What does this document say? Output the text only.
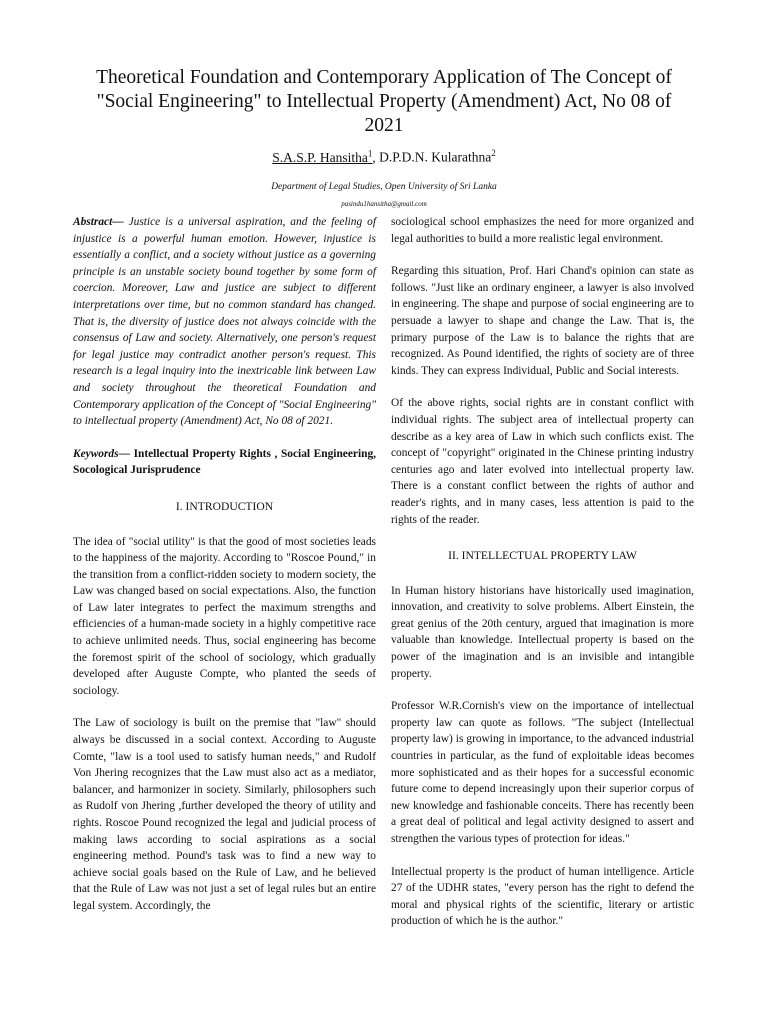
Theoretical Foundation and Contemporary Application of The Concept of "Social Engineering" to Intellectual Property (Amendment) Act, No 08 of 2021
S.A.S.P. Hansitha$^1$, D.P.D.N. Kularathna$^2$
Department of Legal Studies, Open University of Sri Lanka
pasindu1hansitha@gmail.com

Abstract— Justice is a universal aspiration, and the feeling of injustice is a powerful human emotion. However, injustice is essentially a conflict, and a society without justice as a governing principle is an unstable society bound together by some form of coercion. Moreover, Law and justice are subject to different interpretations over time, but no common standard has changed. That is, the diversity of justice does not always coincide with the consensus of Law and society. Alternatively, one person's request for legal justice may contradict another person's request. This research is a legal inquiry into the inextricable link between Law and society throughout the theoretical Foundation and Contemporary application of the Concept of "Social Engineering" to intellectual property (Amendment) Act, No 08 of 2021.

Keywords— Intellectual Property Rights , Social Engineering, Socological Jurisprudence

I. INTRODUCTION

The idea of "social utility" is that the good of most societies leads to the happiness of the majority. According to "Roscoe Pound," in the transition from a conflict-ridden society to modern society, the Law was changed based on social expectations. Also, the function of Law later integrates to perfect the maximum strengths and efficiencies of a human-made society in a highly competitive race to achieve unlimited needs. Thus, social engineering has become the foremost spirit of the school of sociology, which gradually developed after Auguste Compte, who planted the seeds of sociology.

The Law of sociology is built on the premise that "law" should always be discussed in a social context. According to Auguste Comte, "law is a tool used to satisfy human needs," and Rudolf Von Jhering recognizes that the Law must also act as a mediator, balancer, and harmonizer in society. Similarly, philosophers such as Rudolf von Jhering ,further developed the theory of utility and rights. Roscoe Pound recognized the legal and judicial process of making laws according to social aspirations as a social engineering method. Pound's task was to find a new way to achieve social goals based on the Rule of Law, and he believed that the Rule of Law was not just a set of legal rules but an entire legal system. Accordingly, the

sociological school emphasizes the need for more organized and legal authorities to build a more realistic legal environment.

Regarding this situation, Prof. Hari Chand's opinion can state as follows. "Just like an ordinary engineer, a lawyer is also involved in engineering. The shape and purpose of social engineering are to persuade a lawyer to shape and change the Law. That is, the primary purpose of the Law is to balance the rights that are recognized. As Pound identified, the rights of society are of three kinds. They can express Individual, Public and Social interests.

Of the above rights, social rights are in constant conflict with individual rights. The subject area of intellectual property can describe as a key area of Law in which such conflicts exist. The concept of "copyright" originated in the Chinese printing industry centuries ago and later evolved into intellectual property law. There is a constant conflict between the rights of author and reader's rights, and in many cases, less attention is paid to the rights of the reader.

II. INTELLECTUAL PROPERTY LAW

In Human history historians have historically used imagination, innovation, and creativity to solve problems. Albert Einstein, the great genius of the 20th century, argued that imagination is more valuable than knowledge. Intellectual property is based on the power of the imagination and is an invisible and intangible property.

Professor W.R.Cornish's view on the importance of intellectual property law can quote as follows. "The subject (Intellectual property law) is growing in importance, to the advanced industrial countries in particular, as the fund of exploitable ideas becomes more sophisticated and as their hopes for a successful economic future come to depend increasingly upon their superior corpus of new knowledge and fashionable conceits. There has recently been a great deal of political and legal activity designed to assert and strengthen the various types of protection for ideas."

Intellectual property is the product of human intelligence. Article 27 of the UDHR states, "every person has the right to defend the moral and physical rights of the scientific, literary or artistic production of which he is the author."
